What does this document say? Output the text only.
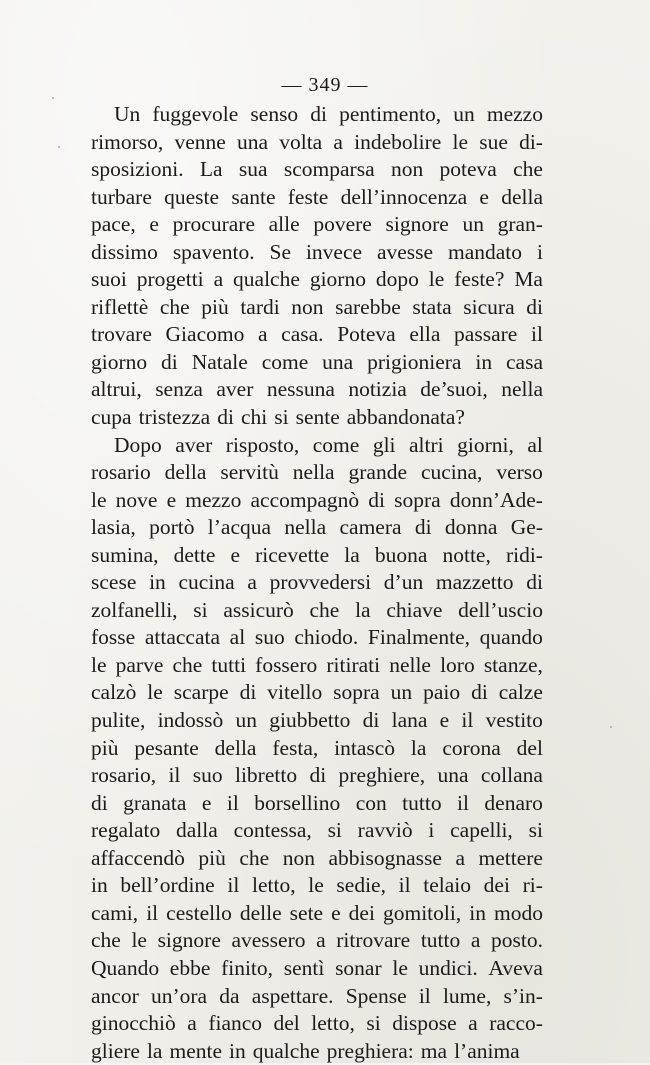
— 349 —
Un fuggevole senso di pentimento, un mezzo
rimorso, venne una volta a indebolire le sue di-
sposizioni. La sua scomparsa non poteva che
turbare queste sante feste dell’innocenza e della
pace, e procurare alle povere signore un gran-
dissimo spavento. Se invece avesse mandato i
suoi progetti a qualche giorno dopo le feste? Ma
riflettè che più tardi non sarebbe stata sicura di
trovare Giacomo a casa. Poteva ella passare il
giorno di Natale come una prigioniera in casa
altrui, senza aver nessuna notizia de’suoi, nella
cupa tristezza di chi si sente abbandonata?
Dopo aver risposto, come gli altri giorni, al
rosario della servitù nella grande cucina, verso
le nove e mezzo accompagnò di sopra donn’Ade-
lasia, portò l’acqua nella camera di donna Ge-
sumina, dette e ricevette la buona notte, ridi-
scese in cucina a provvedersi d’un mazzetto di
zolfanelli, si assicurò che la chiave dell’uscio
fosse attaccata al suo chiodo. Finalmente, quando
le parve che tutti fossero ritirati nelle loro stanze,
calzò le scarpe di vitello sopra un paio di calze
pulite, indossò un giubbetto di lana e il vestito
più pesante della festa, intascò la corona del
rosario, il suo libretto di preghiere, una collana
di granata e il borsellino con tutto il denaro
regalato dalla contessa, si ravviò i capelli, si
affaccendò più che non abbisognasse a mettere
in bell’ordine il letto, le sedie, il telaio dei ri-
cami, il cestello delle sete e dei gomitoli, in modo
che le signore avessero a ritrovare tutto a posto.
Quando ebbe finito, sentì sonar le undici. Aveva
ancor un’ora da aspettare. Spense il lume, s’in-
ginocchiò a fianco del letto, si dispose a racco-
gliere la mente in qualche preghiera: ma l’anima
